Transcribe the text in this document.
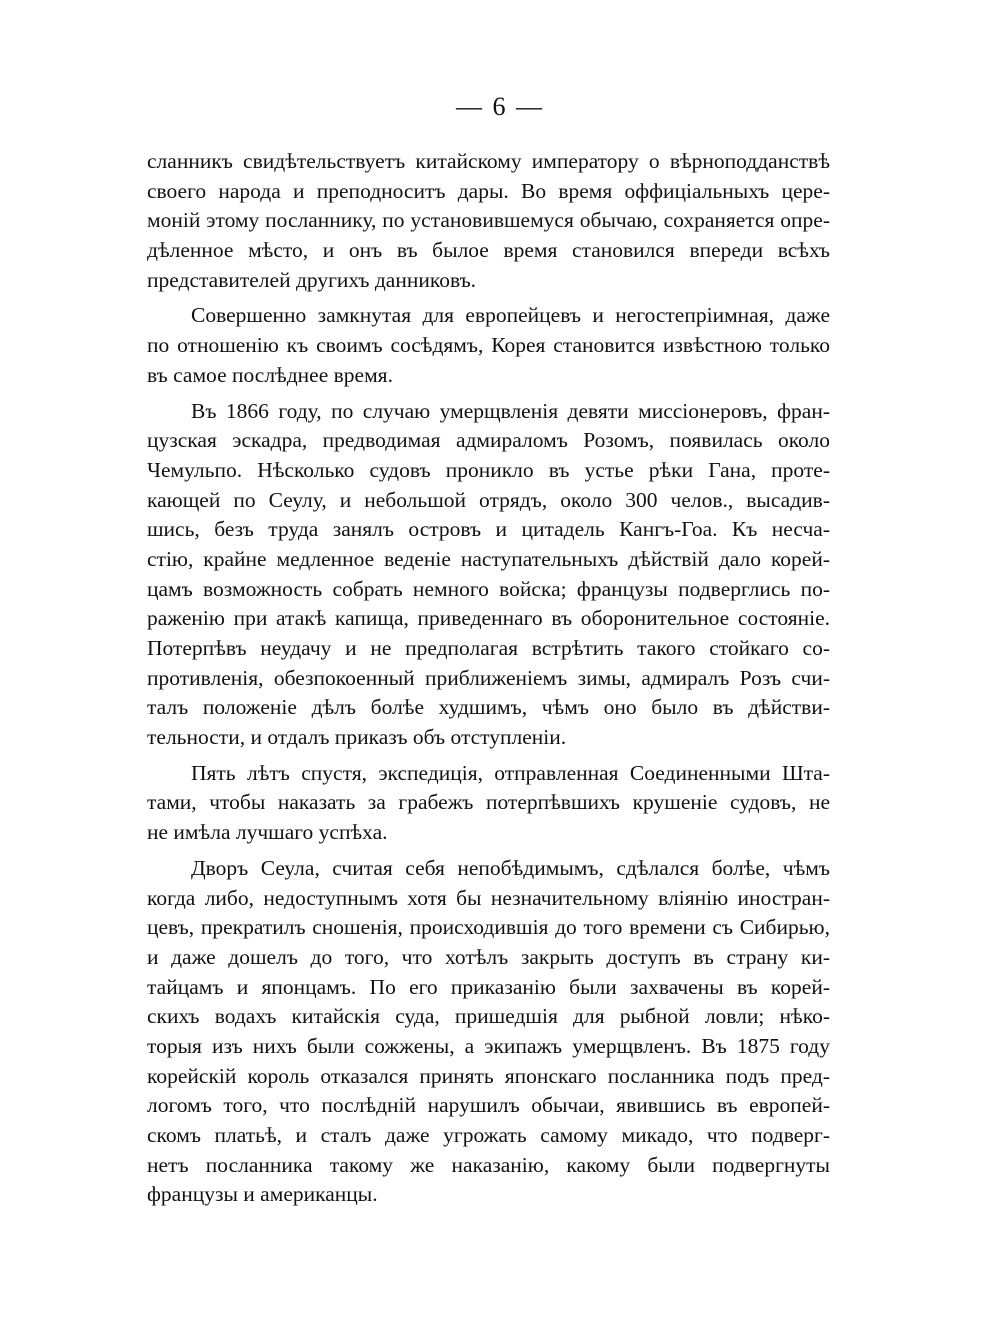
— 6 —
сланникъ свидѣтельствуетъ китайскому императору о вѣрноподданствѣ
своего народа и преподноситъ дары. Во время оффиціальныхъ цере-
моній этому посланнику, по установившемуся обычаю, сохраняется опре-
дѣленное мѣсто, и онъ въ былое время становился впереди всѣхъ
представителей другихъ данниковъ.
Совершенно замкнутая для европейцевъ и негостепріимная, даже
по отношенію къ своимъ сосѣдямъ, Корея становится извѣстною только
въ самое послѣднее время.
Въ 1866 году, по случаю умерщвленія девяти миссіонеровъ, фран-
цузская эскадра, предводимая адмираломъ Розомъ, появилась около
Чемульпо. Нѣсколько судовъ проникло въ устье рѣки Гана, проте-
кающей по Сеулу, и небольшой отрядъ, около 300 челов., высадив-
шись, безъ труда занялъ островъ и цитадель Кангъ-Гоа. Къ несча-
стію, крайне медленное веденіе наступательныхъ дѣйствій дало корей-
цамъ возможность собрать немного войска; французы подверглись по-
раженію при атакѣ капища, приведеннаго въ оборонительное состояніе.
Потерпѣвъ неудачу и не предполагая встрѣтить такого стойкаго со-
противленія, обезпокоенный приближеніемъ зимы, адмиралъ Розъ счи-
талъ положеніе дѣлъ болѣе худшимъ, чѣмъ оно было въ дѣйстви-
тельности, и отдалъ приказъ объ отступленіи.
Пять лѣтъ спустя, экспедиція, отправленная Соединенными Шта-
тами, чтобы наказать за грабежъ потерпѣвшихъ крушеніе судовъ, не
не имѣла лучшаго успѣха.
Дворъ Сеула, считая себя непобѣдимымъ, сдѣлался болѣе, чѣмъ
когда либо, недоступнымъ хотя бы незначительному вліянію иностран-
цевъ, прекратилъ сношенія, происходившія до того времени съ Сибирью,
и даже дошелъ до того, что хотѣлъ закрыть доступъ въ страну ки-
тайцамъ и японцамъ. По его приказанію были захвачены въ корей-
скихъ водахъ китайскія суда, пришедшія для рыбной ловли; нѣко-
торыя изъ нихъ были сожжены, а экипажъ умерщвленъ. Въ 1875 году
корейскій король отказался принять японскаго посланника подъ пред-
логомъ того, что послѣдній нарушилъ обычаи, явившись въ европей-
скомъ платьѣ, и сталъ даже угрожать самому микадо, что подверг-
нетъ посланника такому же наказанію, какому были подвергнуты
французы и американцы.
